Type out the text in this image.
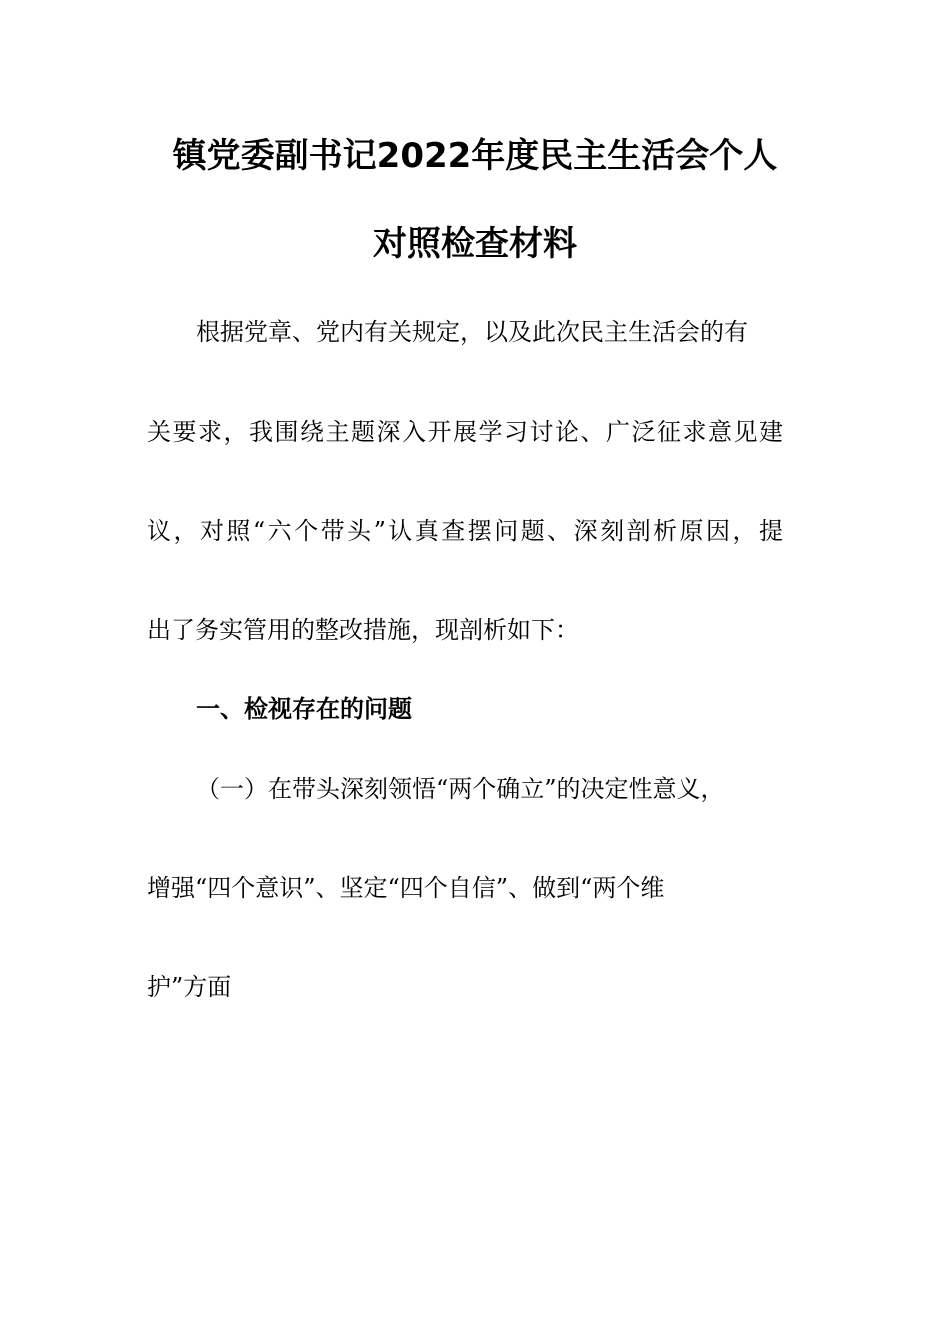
镇党委副书记2022年度民主生活会个人
对照检查材料
根据党章、党内有关规定，以及此次民主生活会的有
关要求，我围绕主题深入开展学习讨论、广泛征求意见建
议，对照“六个带头”认真查摆问题、深刻剖析原因，提
出了务实管用的整改措施，现剖析如下：
一、检视存在的问题
（一）在带头深刻领悟“两个确立”的决定性意义，
增强“四个意识”、坚定“四个自信”、做到“两个维
护”方面
